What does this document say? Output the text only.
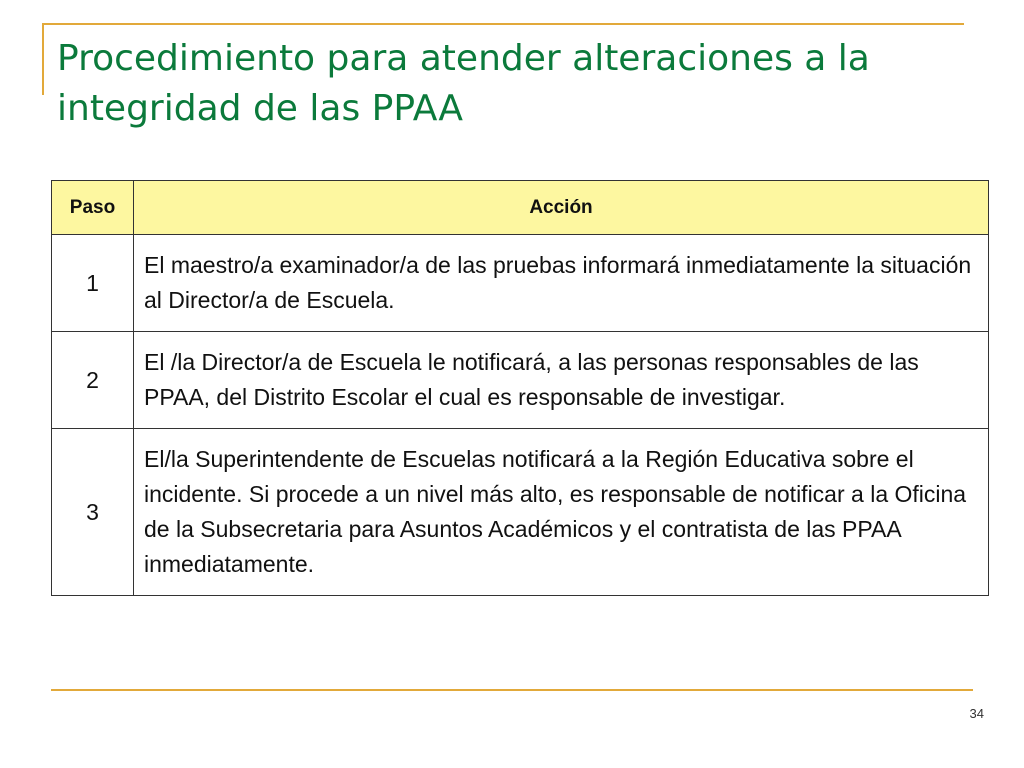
Procedimiento para atender alteraciones a la integridad de las PPAA
Paso	Acción
1	El maestro/a examinador/a de las pruebas informará inmediatamente la situación al Director/a de Escuela.
2	El /la Director/a de Escuela le notificará, a las personas responsables de las PPAA, del Distrito Escolar el cual es responsable de investigar.
3	El/la Superintendente de Escuelas notificará a la Región Educativa sobre el incidente. Si procede a un nivel más alto, es responsable de notificar a la Oficina de la Subsecretaria para Asuntos Académicos y el contratista de las PPAA inmediatamente.
34
